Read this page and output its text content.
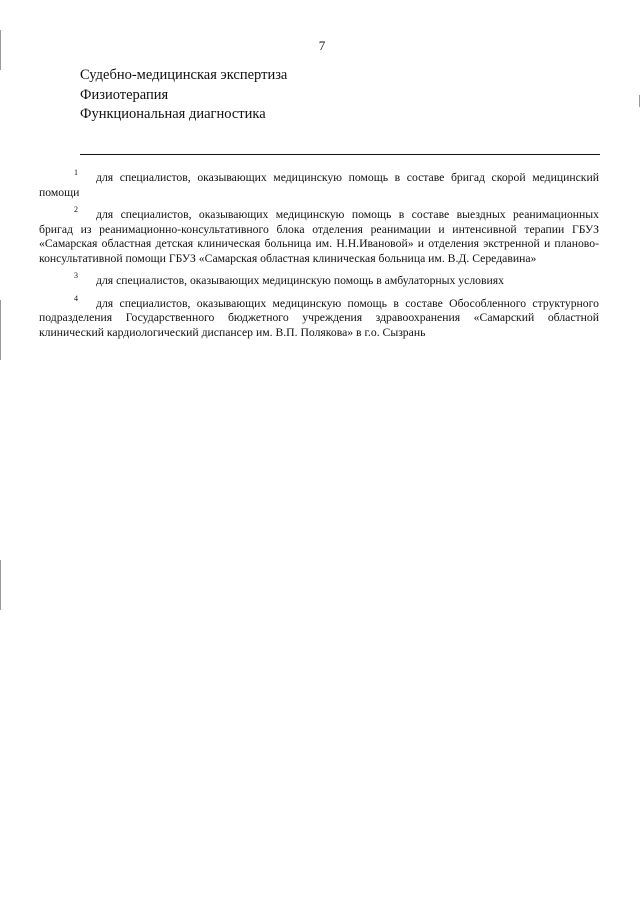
7
Судебно-медицинская экспертиза
Физиотерапия
Функциональная диагностика

$^1$ для специалистов, оказывающих медицинскую помощь в составе бригад скорой медицинский помощи

$^2$ для специалистов, оказывающих медицинскую помощь в составе выездных реанимационных бригад из реанимационно-консультативного блока отделения реанимации и интенсивной терапии ГБУЗ «Самарская областная детская клиническая больница им. Н.Н.Ивановой» и отделения экстренной и планово-консультативной помощи ГБУЗ «Самарская областная клиническая больница им. В.Д. Середавина»

$^3$ для специалистов, оказывающих медицинскую помощь в амбулаторных условиях

$^4$ для специалистов, оказывающих медицинскую помощь в составе Обособленного структурного подразделения Государственного бюджетного учреждения здравоохранения «Самарский областной клинический кардиологический диспансер им. В.П. Полякова» в г.о. Сызрань
